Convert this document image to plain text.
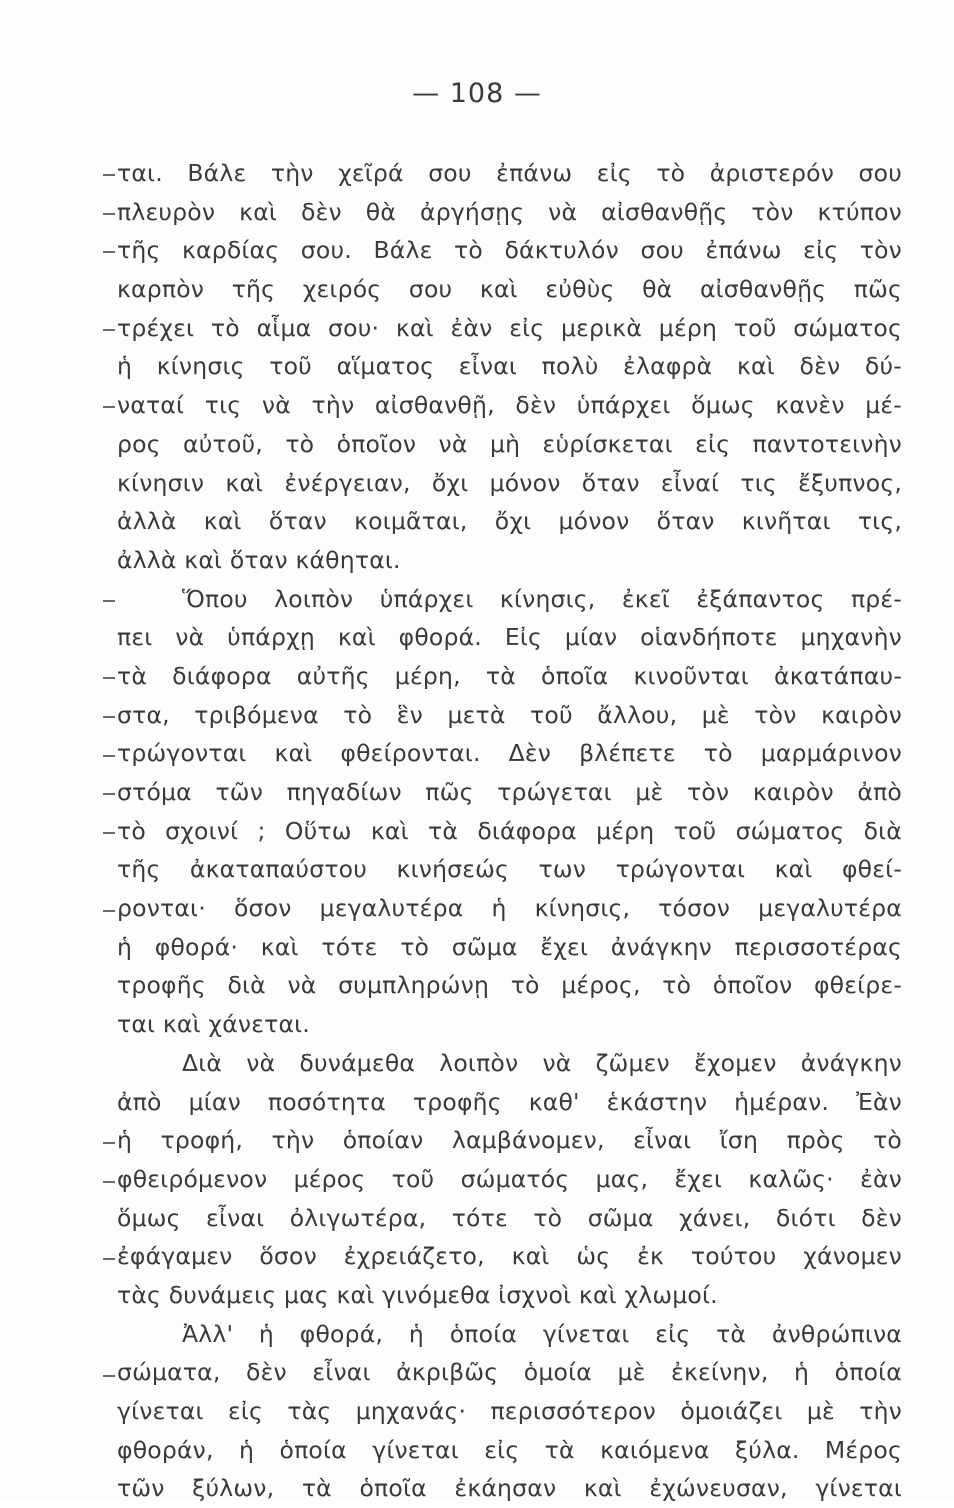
— 108 —
ται. Βάλε τὴν χεῖρά σου ἐπάνω εἰς τὸ ἀριστερόν σου
πλευρὸν καὶ δὲν θὰ ἀργήσῃς νὰ αἰσθανθῇς τὸν κτύπον
τῆς καρδίας σου. Βάλε τὸ δάκτυλόν σου ἐπάνω εἰς τὸν
καρπὸν τῆς χειρός σου καὶ εὐθὺς θὰ αἰσθανθῇς πῶς
τρέχει τὸ αἷμα σου· καὶ ἐὰν εἰς μερικὰ μέρη τοῦ σώματος
ἡ κίνησις τοῦ αἵματος εἶναι πολὺ ἐλαφρὰ καὶ δὲν δύ-
ναταί τις νὰ τὴν αἰσθανθῇ, δὲν ὑπάρχει ὅμως κανὲν μέ-
ρος αὐτοῦ, τὸ ὁποῖον νὰ μὴ εὑρίσκεται εἰς παντοτεινὴν
κίνησιν καὶ ἐνέργειαν, ὄχι μόνον ὅταν εἶναί τις ἔξυπνος,
ἀλλὰ καὶ ὅταν κοιμᾶται, ὄχι μόνον ὅταν κινῆται τις,
ἀλλὰ καὶ ὅταν κάθηται.
Ὅπου λοιπὸν ὑπάρχει κίνησις, ἐκεῖ ἐξάπαντος πρέ-
πει νὰ ὑπάρχῃ καὶ φθορά. Εἰς μίαν οἱανδήποτε μηχανὴν
τὰ διάφορα αὐτῆς μέρη, τὰ ὁποῖα κινοῦνται ἀκατάπαυ-
στα, τριβόμενα τὸ ἓν μετὰ τοῦ ἄλλου, μὲ τὸν καιρὸν
τρώγονται καὶ φθείρονται. Δὲν βλέπετε τὸ μαρμάρινον
στόμα τῶν πηγαδίων πῶς τρώγεται μὲ τὸν καιρὸν ἀπὸ
τὸ σχοινί ; Οὕτω καὶ τὰ διάφορα μέρη τοῦ σώματος διὰ
τῆς ἀκαταπαύστου κινήσεώς των τρώγονται καὶ φθεί-
ρονται· ὅσον μεγαλυτέρα ἡ κίνησις, τόσον μεγαλυτέρα
ἡ φθορά· καὶ τότε τὸ σῶμα ἔχει ἀνάγκην περισσοτέρας
τροφῆς διὰ νὰ συμπληρώνῃ τὸ μέρος, τὸ ὁποῖον φθείρε-
ται καὶ χάνεται.
Διὰ νὰ δυνάμεθα λοιπὸν νὰ ζῶμεν ἔχομεν ἀνάγκην
ἀπὸ μίαν ποσότητα τροφῆς καθ' ἑκάστην ἡμέραν. Ἐὰν
ἡ τροφή, τὴν ὁποίαν λαμβάνομεν, εἶναι ἴση πρὸς τὸ
φθειρόμενον μέρος τοῦ σώματός μας, ἔχει καλῶς· ἐὰν
ὅμως εἶναι ὀλιγωτέρα, τότε τὸ σῶμα χάνει, διότι δὲν
ἐφάγαμεν ὅσον ἐχρειάζετο, καὶ ὡς ἐκ τούτου χάνομεν
τὰς δυνάμεις μας καὶ γινόμεθα ἰσχνοὶ καὶ χλωμοί.
Ἀλλ' ἡ φθορά, ἡ ὁποία γίνεται εἰς τὰ ἀνθρώπινα
σώματα, δὲν εἶναι ἀκριβῶς ὁμοία μὲ ἐκείνην, ἡ ὁποία
γίνεται εἰς τὰς μηχανάς· περισσότερον ὁμοιάζει μὲ τὴν
φθοράν, ἡ ὁποία γίνεται εἰς τὰ καιόμενα ξύλα. Μέρος
τῶν ξύλων, τὰ ὁποῖα ἐκάησαν καὶ ἐχώνευσαν, γίνεται
